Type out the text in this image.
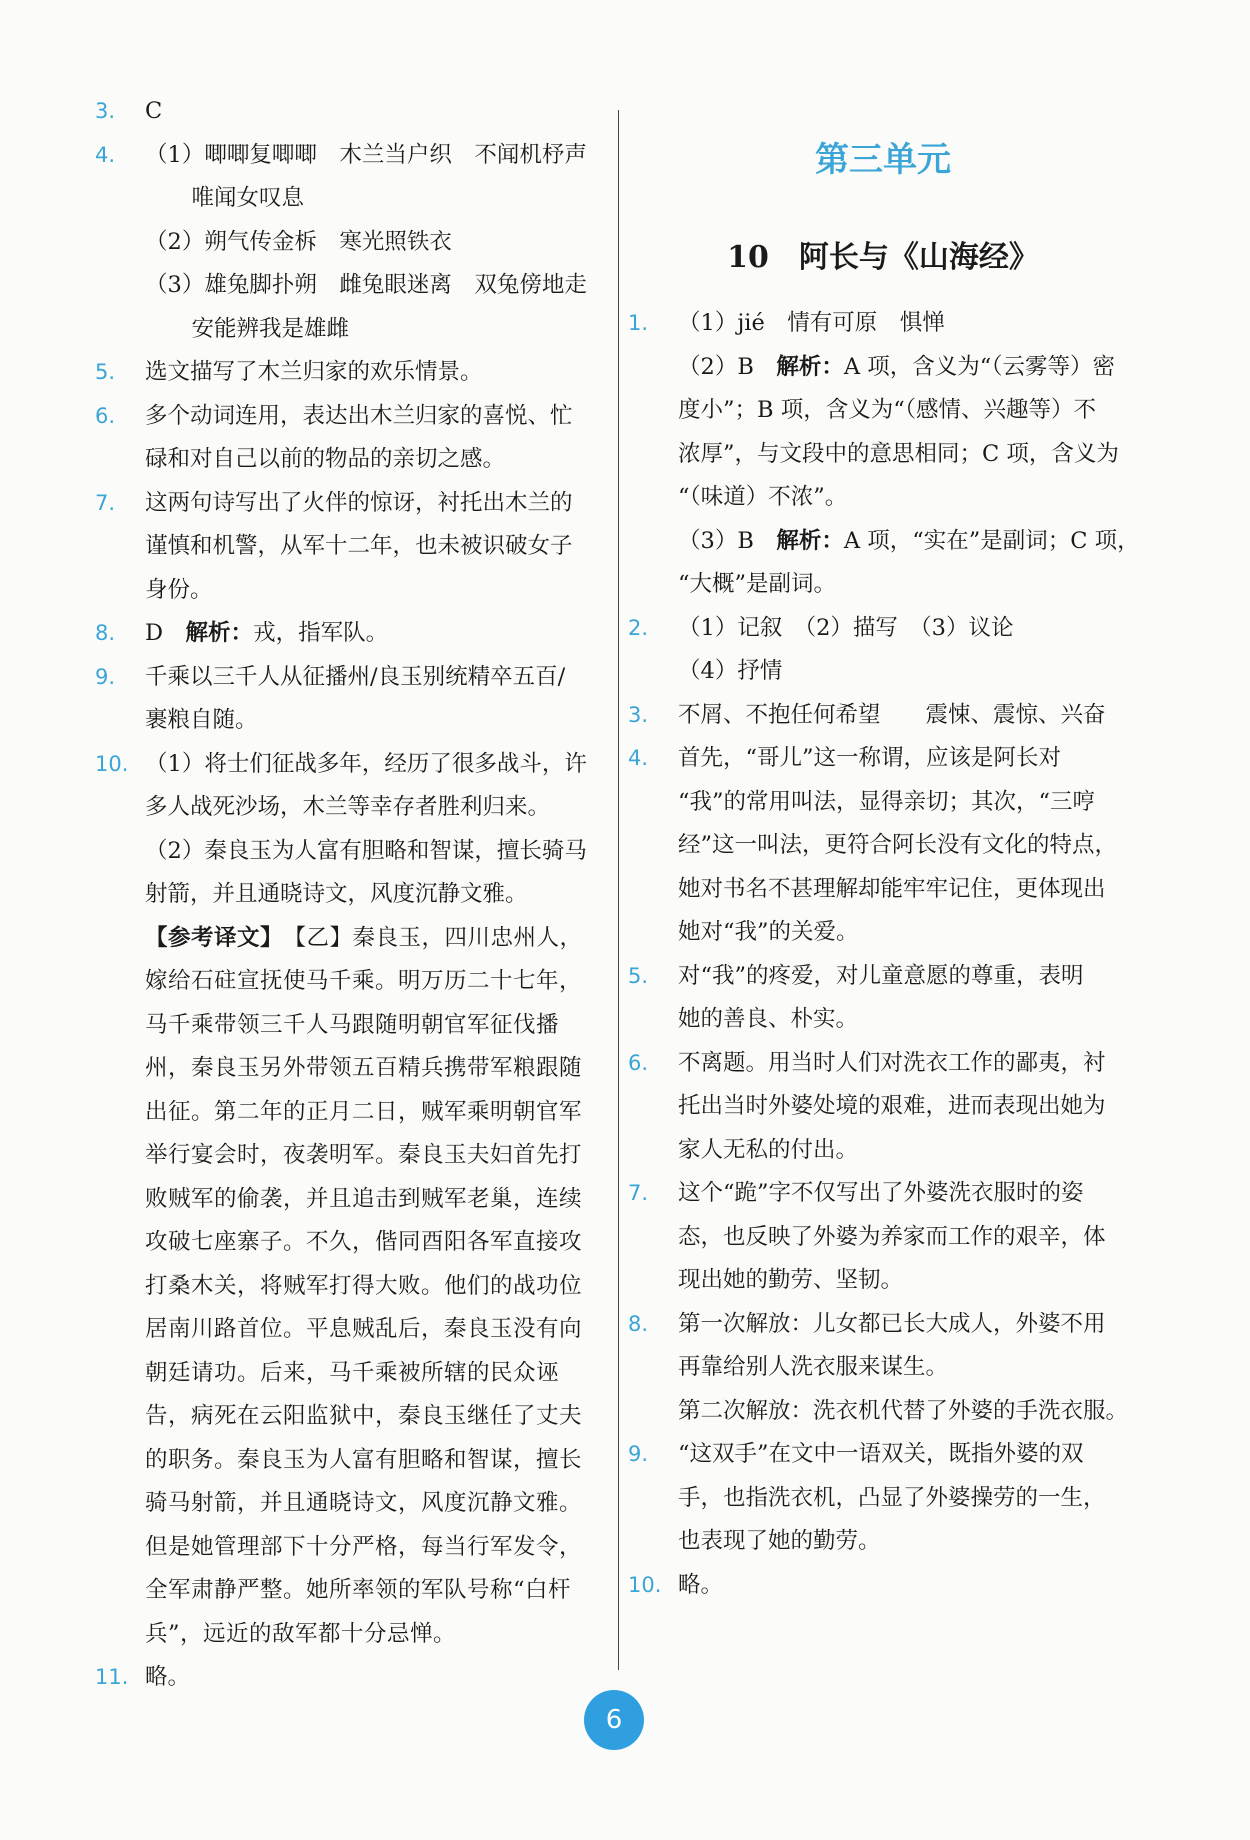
3. C
4. （1）唧唧复唧唧　木兰当户织　不闻机杼声
　唯闻女叹息
（2）朔气传金柝　寒光照铁衣
（3）雄兔脚扑朔　雌兔眼迷离　双兔傍地走
　安能辨我是雄雌
5. 选文描写了木兰归家的欢乐情景。
6. 多个动词连用，表达出木兰归家的喜悦、忙
碌和对自己以前的物品的亲切之感。
7. 这两句诗写出了火伴的惊讶，衬托出木兰的
谨慎和机警，从军十二年，也未被识破女子
身份。
8. D　解析：戎，指军队。
9. 千乘以三千人从征播州/良玉别统精卒五百/
裹粮自随。
10. （1）将士们征战多年，经历了很多战斗，许
多人战死沙场，木兰等幸存者胜利归来。
（2）秦良玉为人富有胆略和智谋，擅长骑马
射箭，并且通晓诗文，风度沉静文雅。
【参考译文】　【乙】秦良玉，四川忠州人，
嫁给石砫宣抚使马千乘。明万历二十七年，
马千乘带领三千人马跟随明朝官军征伐播
州，秦良玉另外带领五百精兵携带军粮跟随
出征。第二年的正月二日，贼军乘明朝官军
举行宴会时，夜袭明军。秦良玉夫妇首先打
败贼军的偷袭，并且追击到贼军老巢，连续
攻破七座寨子。不久，偕同酉阳各军直接攻
打桑木关，将贼军打得大败。他们的战功位
居南川路首位。平息贼乱后，秦良玉没有向
朝廷请功。后来，马千乘被所辖的民众诬
告，病死在云阳监狱中，秦良玉继任了丈夫
的职务。秦良玉为人富有胆略和智谋，擅长
骑马射箭，并且通晓诗文，风度沉静文雅。
但是她管理部下十分严格，每当行军发令，
全军肃静严整。她所率领的军队号称“白杆
兵”，远近的敌军都十分忌惮。
11. 略。
第三单元
10　阿长与《山海经》
1. （1）jié　情有可原　惧惮
（2）B　解析：A 项，含义为“（云雾等）密
度小”；B 项，含义为“（感情、兴趣等）不
浓厚”，与文段中的意思相同；C 项，含义为
“（味道）不浓”。
（3）B　解析：A 项，“实在”是副词；C 项，
“大概”是副词。
2. （1）记叙　（2）描写　（3）议论
（4）抒情
3. 不屑、不抱任何希望　　震悚、震惊、兴奋
4. 首先，“哥儿”这一称谓，应该是阿长对
“我”的常用叫法，显得亲切；其次，“三哼
经”这一叫法，更符合阿长没有文化的特点，
她对书名不甚理解却能牢牢记住，更体现出
她对“我”的关爱。
5. 对“我”的疼爱，对儿童意愿的尊重，表明
她的善良、朴实。
6. 不离题。用当时人们对洗衣工作的鄙夷，衬
托出当时外婆处境的艰难，进而表现出她为
家人无私的付出。
7. 这个“跪”字不仅写出了外婆洗衣服时的姿
态，也反映了外婆为养家而工作的艰辛，体
现出她的勤劳、坚韧。
8. 第一次解放：儿女都已长大成人，外婆不用
再靠给别人洗衣服来谋生。
第二次解放：洗衣机代替了外婆的手洗衣服。
9. “这双手”在文中一语双关，既指外婆的双
手，也指洗衣机，凸显了外婆操劳的一生，
也表现了她的勤劳。
10. 略。
6
